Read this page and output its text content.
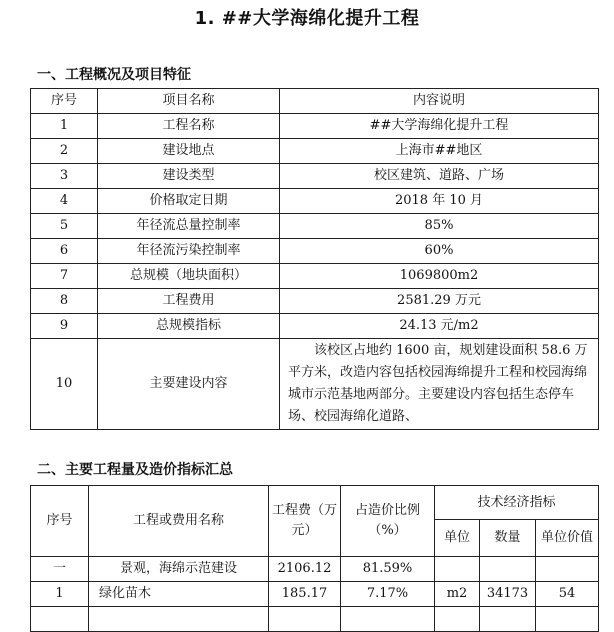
1. ##大学海绵化提升工程
一、工程概况及项目特征
序号	项目名称	内容说明
1	工程名称	##大学海绵化提升工程
2	建设地点	上海市##地区
3	建设类型	校区建筑、道路、广场
4	价格取定日期	2018 年 10 月
5	年径流总量控制率	85%
6	年径流污染控制率	60%
7	总规模（地块面积）	1069800m2
8	工程费用	2581.29 万元
9	总规模指标	24.13 元/m2
10	主要建设内容	该校区占地约 1600 亩，规划建设面积 58.6 万平方米，改造内容包括校园海绵提升工程和校园海绵城市示范基地两部分。主要建设内容包括生态停车场、校园海绵化道路、
二、主要工程量及造价指标汇总
序号	工程或费用名称	工程费（万元）	占造价比例（%）	技术经济指标		
				单位	数量	单位价值
一	景观，海绵示范建设	2106.12	81.59%			
1	绿化苗木	185.17	7.17%	m2	34173	54
